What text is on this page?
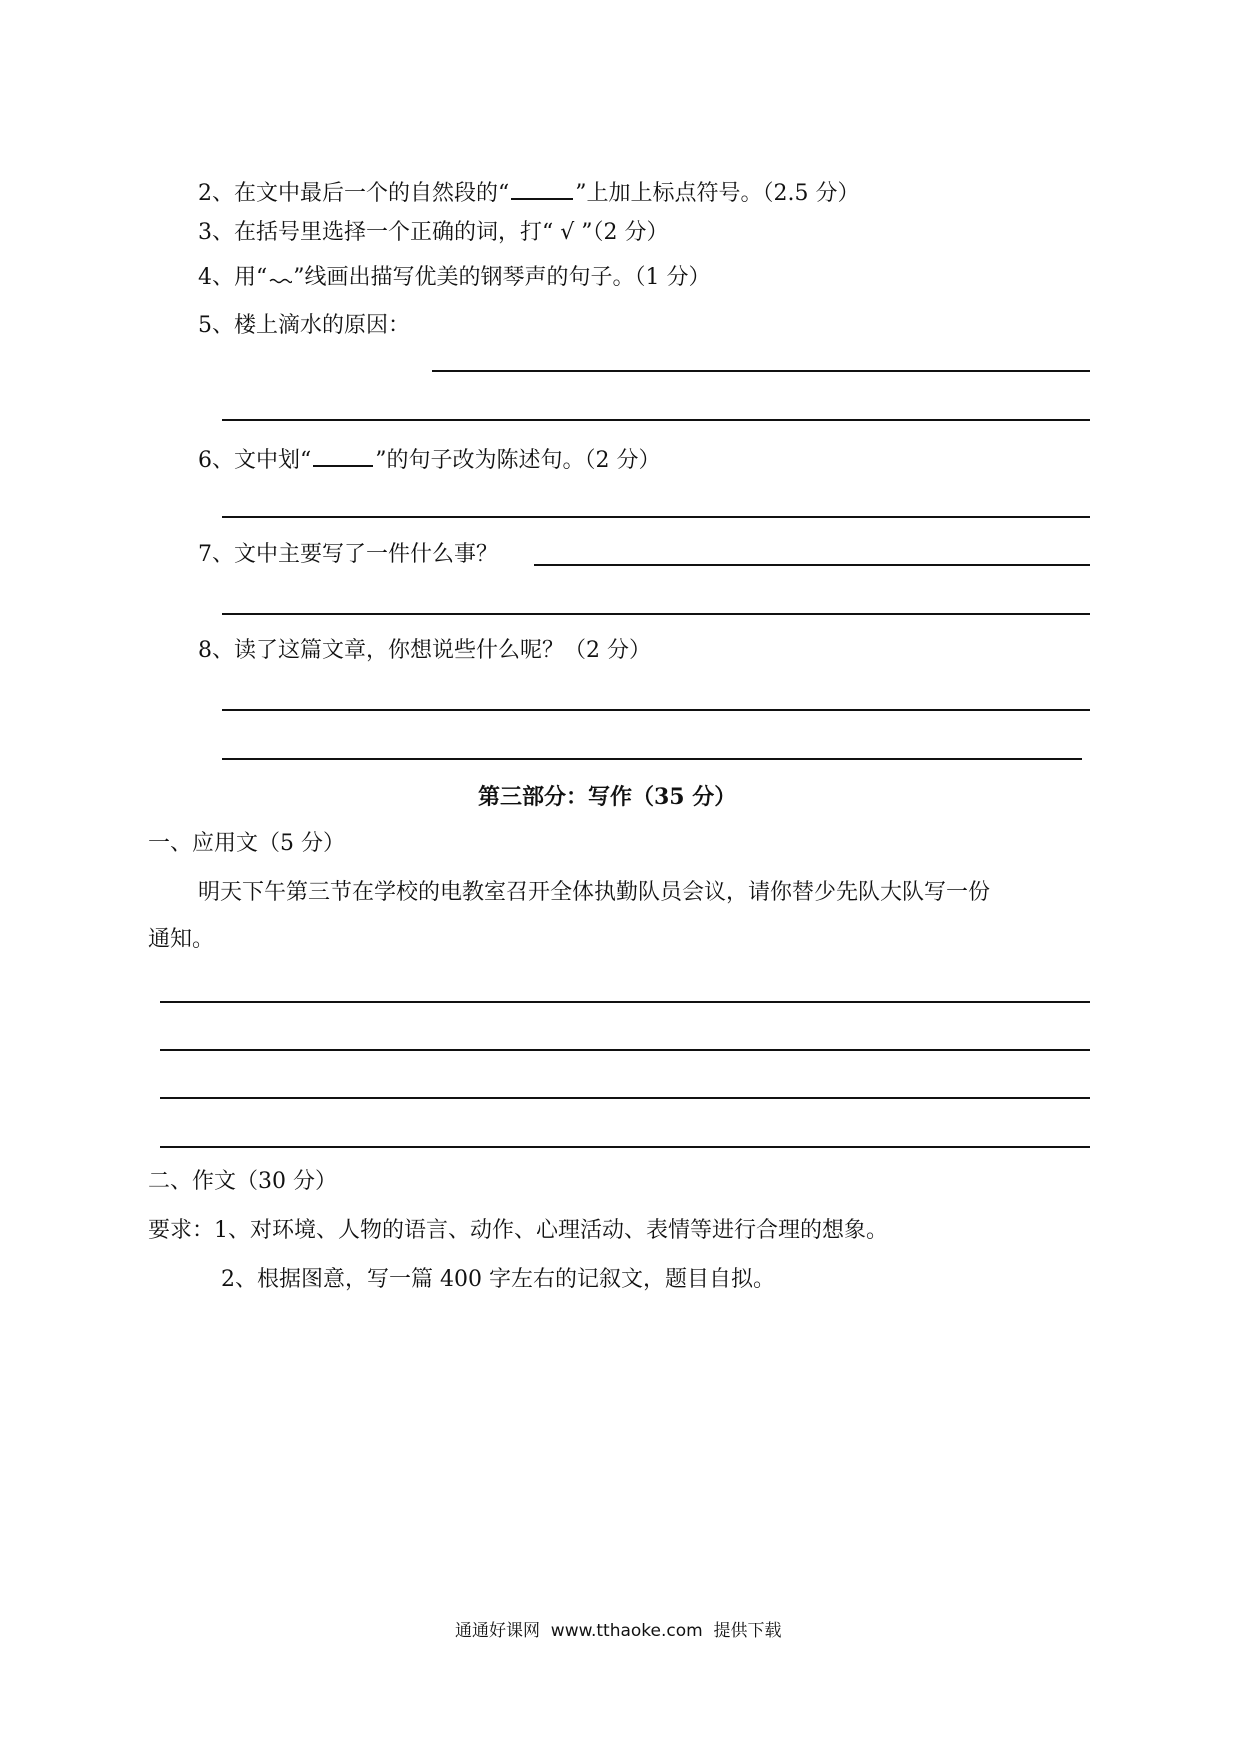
2、在文中最后一个的自然段的“	”上加上标点符号。（2.5 分）
3、在括号里选择一个正确的词，打“ √ ”（2 分）
4、用“ ”线画出描写优美的钢琴声的句子。（1 分）
5、楼上滴水的原因：
6、文中划“	”的句子改为陈述句。（2 分）
7、文中主要写了一件什么事？
8、读了这篇文章，你想说些什么呢？（2 分）
第三部分：写作（35 分）
一、应用文（5 分）
明天下午第三节在学校的电教室召开全体执勤队员会议，请你替少先队大队写一份
通知。
二、作文（30 分）
要求：1、对环境、人物的语言、动作、心理活动、表情等进行合理的想象。
2、根据图意，写一篇 400 字左右的记叙文，题目自拟。
通通好课网  www.tthaoke.com  提供下载
